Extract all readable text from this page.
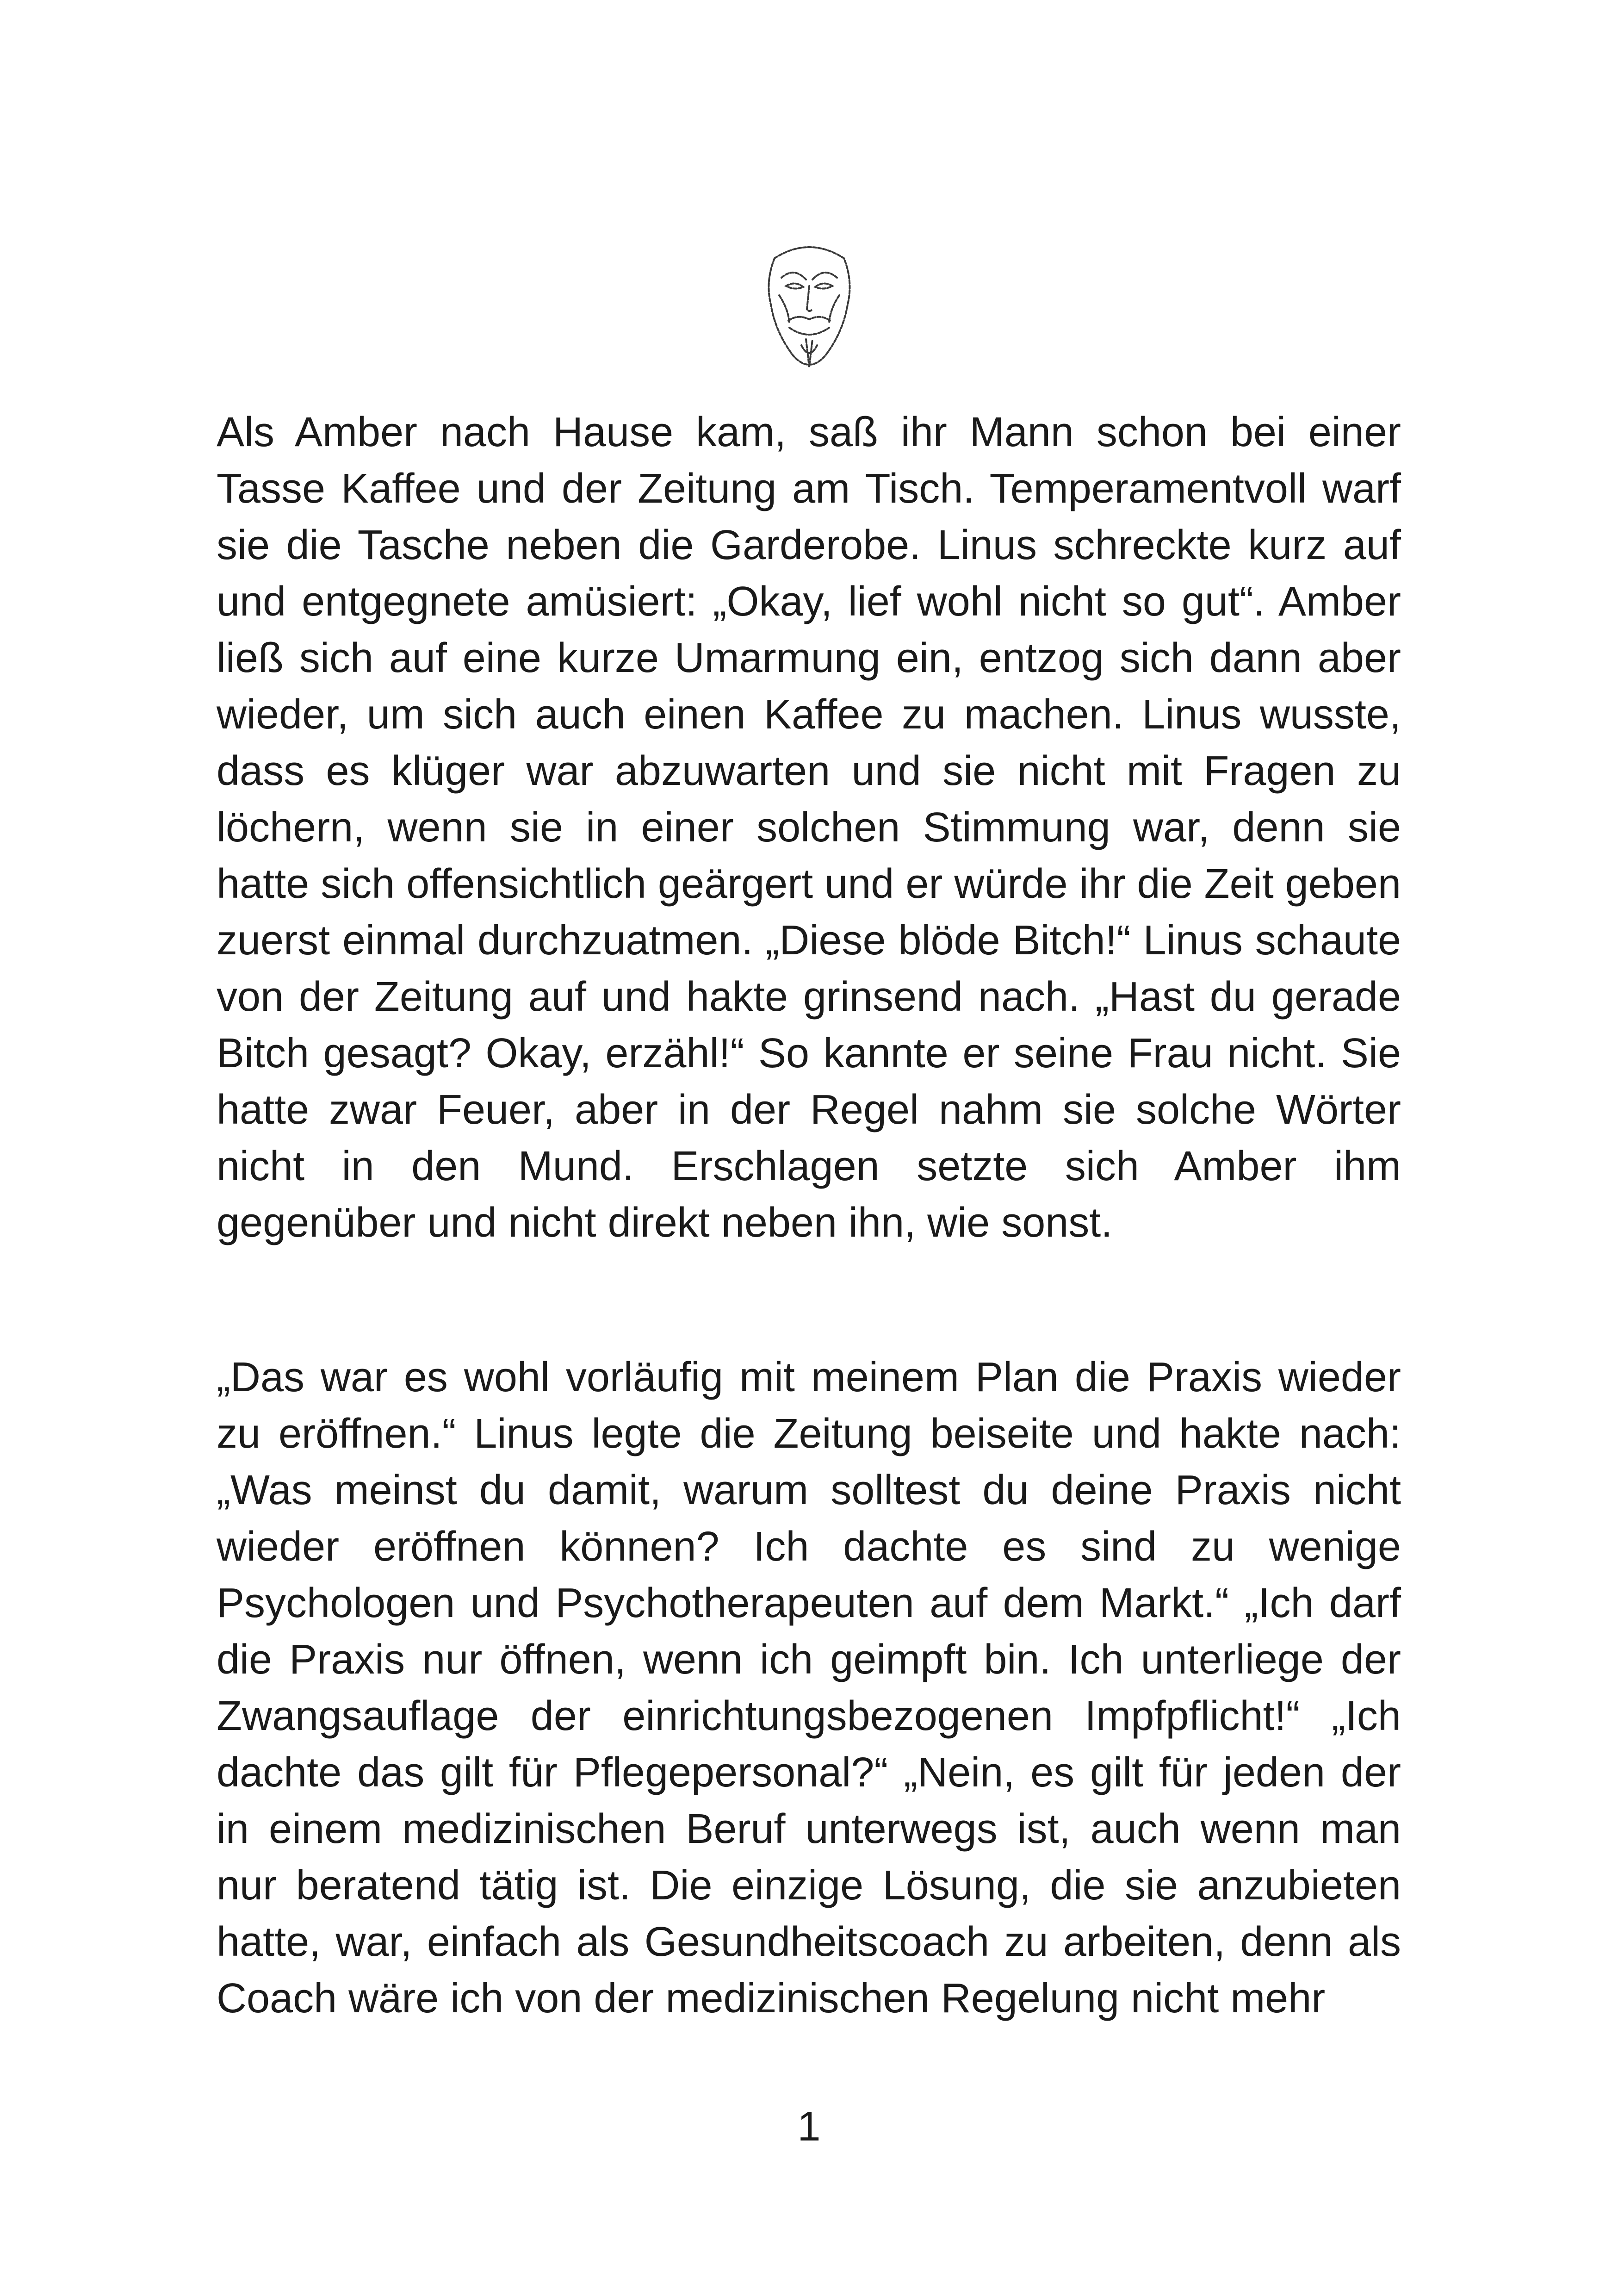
Als Amber nach Hause kam, saß ihr Mann schon bei einer Tasse Kaffee und der Zeitung am Tisch. Temperamentvoll warf sie die Tasche neben die Garderobe. Linus schreckte kurz auf und entgegnete amüsiert: „Okay, lief wohl nicht so gut“. Amber ließ sich auf eine kurze Umarmung ein, entzog sich dann aber wieder, um sich auch einen Kaffee zu machen. Linus wusste, dass es klüger war abzuwarten und sie nicht mit Fragen zu löchern, wenn sie in einer solchen Stimmung war, denn sie hatte sich offensichtlich geärgert und er würde ihr die Zeit geben zuerst einmal durchzuatmen. „Diese blöde Bitch!“ Linus schaute von der Zeitung auf und hakte grinsend nach. „Hast du gerade Bitch gesagt? Okay, erzähl!“ So kannte er seine Frau nicht. Sie hatte zwar Feuer, aber in der Regel nahm sie solche Wörter nicht in den Mund. Erschlagen setzte sich Amber ihm gegenüber und nicht direkt neben ihn, wie sonst.

„Das war es wohl vorläufig mit meinem Plan die Praxis wieder zu eröffnen.“ Linus legte die Zeitung beiseite und hakte nach: „Was meinst du damit, warum solltest du deine Praxis nicht wieder eröffnen können? Ich dachte es sind zu wenige Psychologen und Psychotherapeuten auf dem Markt.“ „Ich darf die Praxis nur öffnen, wenn ich geimpft bin. Ich unterliege der Zwangsauflage der einrichtungsbezogenen Impfpflicht!“ „Ich dachte das gilt für Pflegepersonal?“ „Nein, es gilt für jeden der in einem medizinischen Beruf unterwegs ist, auch wenn man nur beratend tätig ist. Die einzige Lösung, die sie anzubieten hatte, war, einfach als Gesundheitscoach zu arbeiten, denn als Coach wäre ich von der medizinischen Regelung nicht mehr

1
